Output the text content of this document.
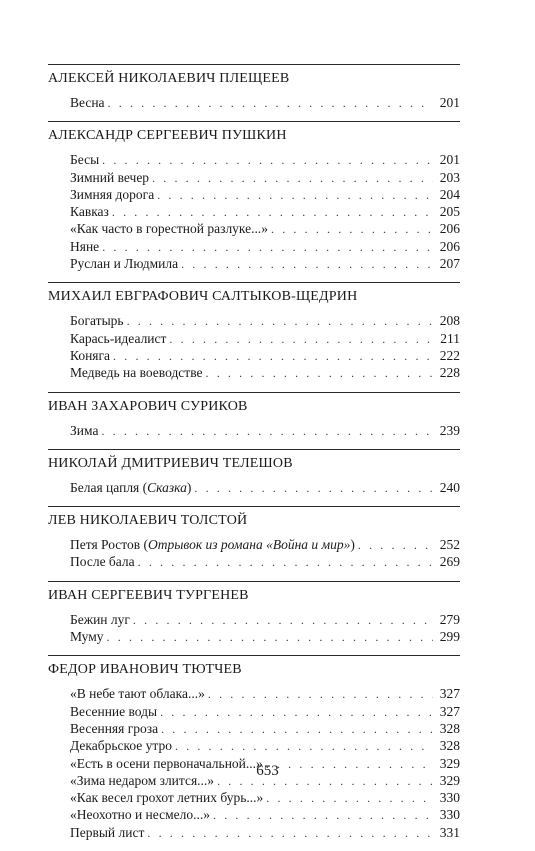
АЛЕКСЕЙ НИКОЛАЕВИЧ ПЛЕЩЕЕВ
Весна . . .	201
АЛЕКСАНДР СЕРГЕЕВИЧ ПУШКИН
Бесы . . .	201
Зимний вечер . . .	203
Зимняя дорога . . .	204
Кавказ . . .	205
«Как часто в горестной разлуке...» . . .	206
Няне . . .	206
Руслан и Людмила . . .	207
МИХАИЛ ЕВГРАФОВИЧ САЛТЫКОВ-ЩЕДРИН
Богатырь . . .	208
Карась-идеалист . . .	211
Коняга . . .	222
Медведь на воеводстве . . .	228
ИВАН ЗАХАРОВИЧ СУРИКОВ
Зима . . .	239
НИКОЛАЙ ДМИТРИЕВИЧ ТЕЛЕШОВ
Белая цапля (Сказка) . . .	240
ЛЕВ НИКОЛАЕВИЧ ТОЛСТОЙ
Петя Ростов (Отрывок из романа «Война и мир») . . .	252
После бала . . .	269
ИВАН СЕРГЕЕВИЧ ТУРГЕНЕВ
Бежин луг . . .	279
Муму . . .	299
ФЕДОР ИВАНОВИЧ ТЮТЧЕВ
«В небе тают облака...» . . .	327
Весенние воды . . .	327
Весенняя гроза . . .	328
Декабрьское утро . . .	328
«Есть в осени первоначальной...» . . .	329
«Зима недаром злится...» . . .	329
«Как весел грохот летних бурь...» . . .	330
«Неохотно и несмело...» . . .	330
Первый лист . . .	331
653
